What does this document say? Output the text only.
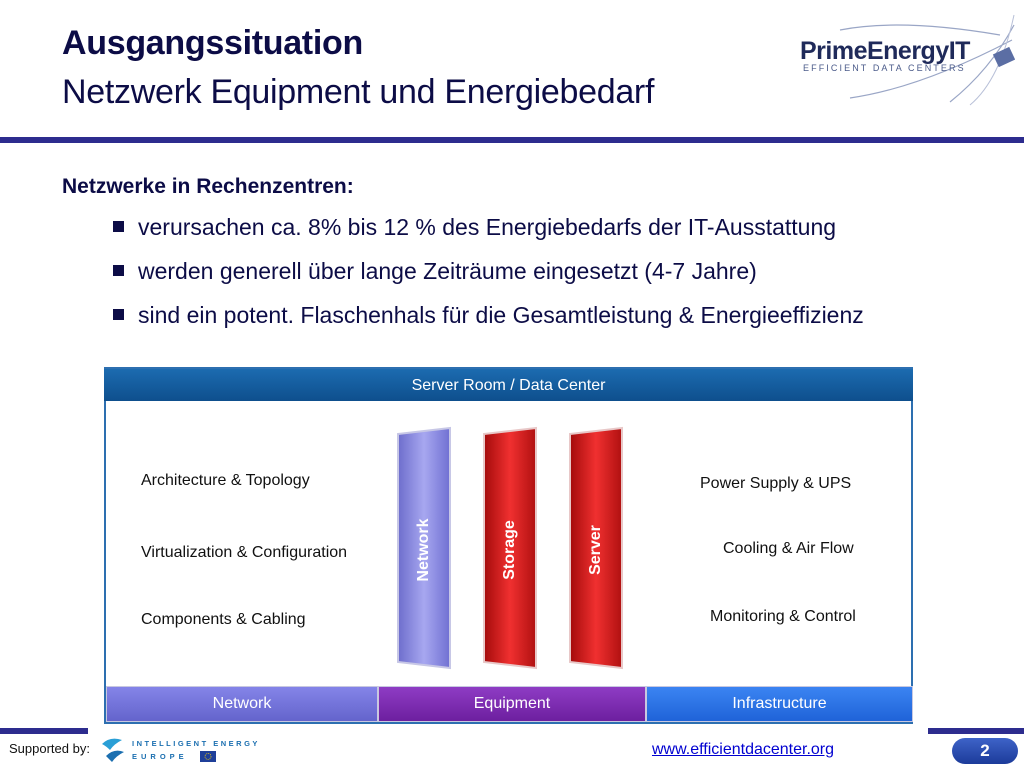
Ausgangssituation
Netzwerk Equipment und Energiebedarf
PrimeEnergyIT
EFFICIENT DATA CENTERS
Netzwerke in Rechenzentren:
verursachen ca. 8% bis 12 % des Energiebedarfs der IT-Ausstattung
werden generell über lange Zeiträume eingesetzt (4-7 Jahre)
sind ein potent. Flaschenhals für die Gesamtleistung & Energieeffizienz
Server Room / Data Center
Architecture & Topology
Virtualization & Configuration
Components & Cabling
Power Supply & UPS
Cooling & Air Flow
Monitoring & Control
Network	Storage	Server
Network	Equipment	Infrastructure
Supported by:	INTELLIGENT ENERGY
EUROPE	www.efficientdacenter.org	2
